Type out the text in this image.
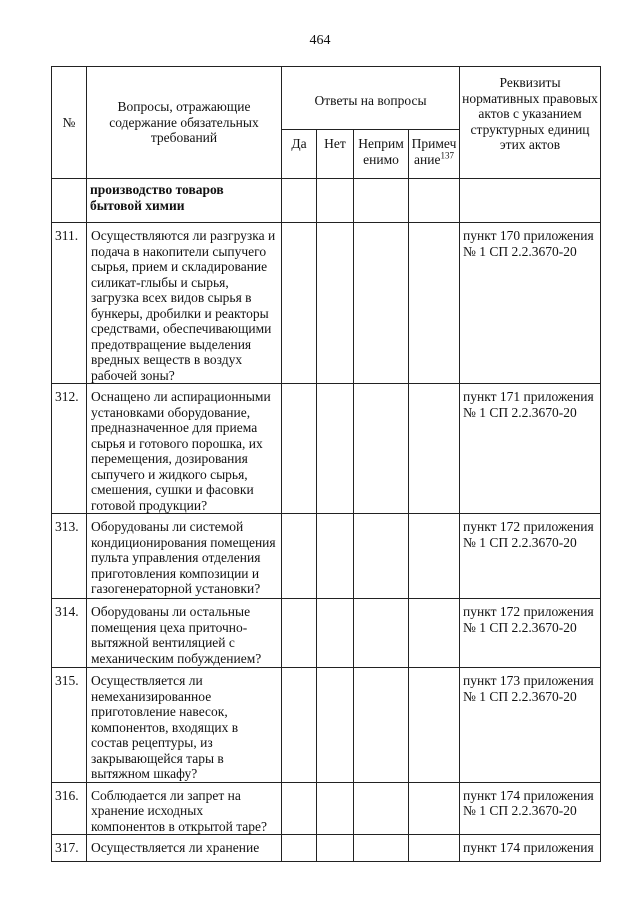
464
№	Вопросы, отражающие содержание обязательных требований	Ответы на вопросы				Реквизиты нормативных правовых актов с указанием структурных единиц этих актов
		Да	Нет	Неприм енимо	Примеч ание$^{137}$
	производство товаров бытовой химии					
311.	Осуществляются ли разгрузка и подача в накопители сыпучего сырья, прием и складирование силикат-глыбы и сырья, загрузка всех видов сырья в бункеры, дробилки и реакторы средствами, обеспечивающими предотвращение выделения вредных веществ в воздух рабочей зоны?					пункт 170 приложения № 1 СП 2.2.3670-20
312.	Оснащено ли аспирационными установками оборудование, предназначенное для приема сырья и готового порошка, их перемещения, дозирования сыпучего и жидкого сырья, смешения, сушки и фасовки готовой продукции?					пункт 171 приложения № 1 СП 2.2.3670-20
313.	Оборудованы ли системой кондиционирования помещения пульта управления отделения приготовления композиции и газогенераторной установки?					пункт 172 приложения № 1 СП 2.2.3670-20
314.	Оборудованы ли остальные помещения цеха приточно-вытяжной вентиляцией с механическим побуждением?					пункт 172 приложения № 1 СП 2.2.3670-20
315.	Осуществляется ли немеханизированное приготовление навесок, компонентов, входящих в состав рецептуры, из закрывающейся тары в вытяжном шкафу?					пункт 173 приложения № 1 СП 2.2.3670-20
316.	Соблюдается ли запрет на хранение исходных компонентов в открытой таре?					пункт 174 приложения № 1 СП 2.2.3670-20
317.	Осуществляется ли хранение					пункт 174 приложения
